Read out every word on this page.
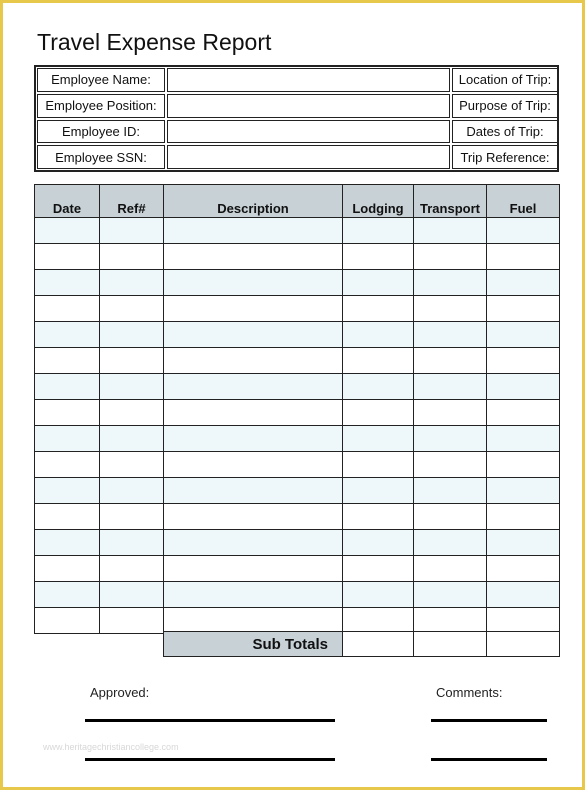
Travel Expense Report
Employee Name:	Location of Trip:
Employee Position:	Purpose of Trip:
Employee ID:	Dates of Trip:
Employee SSN:	Trip Reference:
Date	Ref#	Description	Lodging	Transport	Fuel

Sub Totals			
Approved:	Comments:
www.heritagechristiancollege.com
